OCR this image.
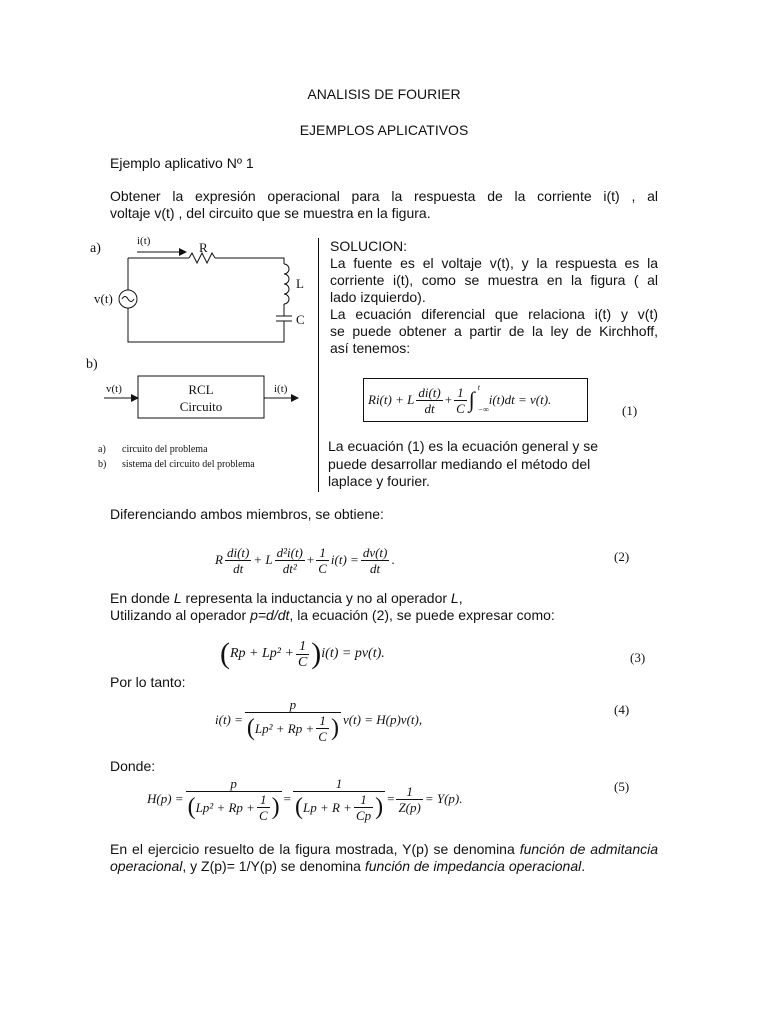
ANALISIS DE FOURIER
EJEMPLOS APLICATIVOS
Ejemplo aplicativo Nº 1
Obtener la expresión operacional para la respuesta de la corriente i(t) , al
voltaje v(t) , del circuito que se muestra en la figura.
a)	i(t)	R
L
C
v(t)
b)
RCL
Circuito
v(t)	i(t)
a) circuito del problema
b) sistema del circuito del problema
SOLUCION:
La fuente es el voltaje v(t), y la respuesta es la
corriente i(t), como se muestra en la figura ( al
lado izquierdo).
La ecuación diferencial que relaciona i(t) y v(t)
se puede obtener a partir de la ley de Kirchhoff,
así tenemos:
Ri(t) + L $\frac{di(t)}{dt} + \frac{1}{C}$ ∫ t
−∞
i(t)dt = v(t).
(1)
La ecuación (1) es la ecuación general y se
puede desarrollar mediando el método del
laplace y fourier.
Diferenciando ambos miembros, se obtiene:
R $\frac{di(t)}{dt} + L \frac{\text{d²i(t)}}{\text{dt²}} + \frac{1}{C} i(t) = \frac{dv(t)}{dt}$ .	(2)
En donde L representa la inductancia y no al operador L,
Utilizando al operador p=d/dt, la ecuación (2), se puede expresar como:
( $Rp + Lp^2 + \frac{1}{C}$ ) i(t) = pv(t).	(3)
Por lo tanto:
$i(t) = \frac{p}{( Lp^2 + Rp + \frac{1}{C} )} v(t) = H(p)v(t)$,
(4)
Donde:
$H(p) = \frac{p}{( Lp^2 + Rp + \frac{1}{C} )} = \frac{1}{( Lp + R + \frac{1}{Cp} )} = \frac{1}{Z(p)} = Y(p)$.
(5)
En el ejercicio resuelto de la figura mostrada, Y(p) se denomina función de admitancia operacional, y Z(p)= 1/Y(p) se denomina función de impedancia operacional.
